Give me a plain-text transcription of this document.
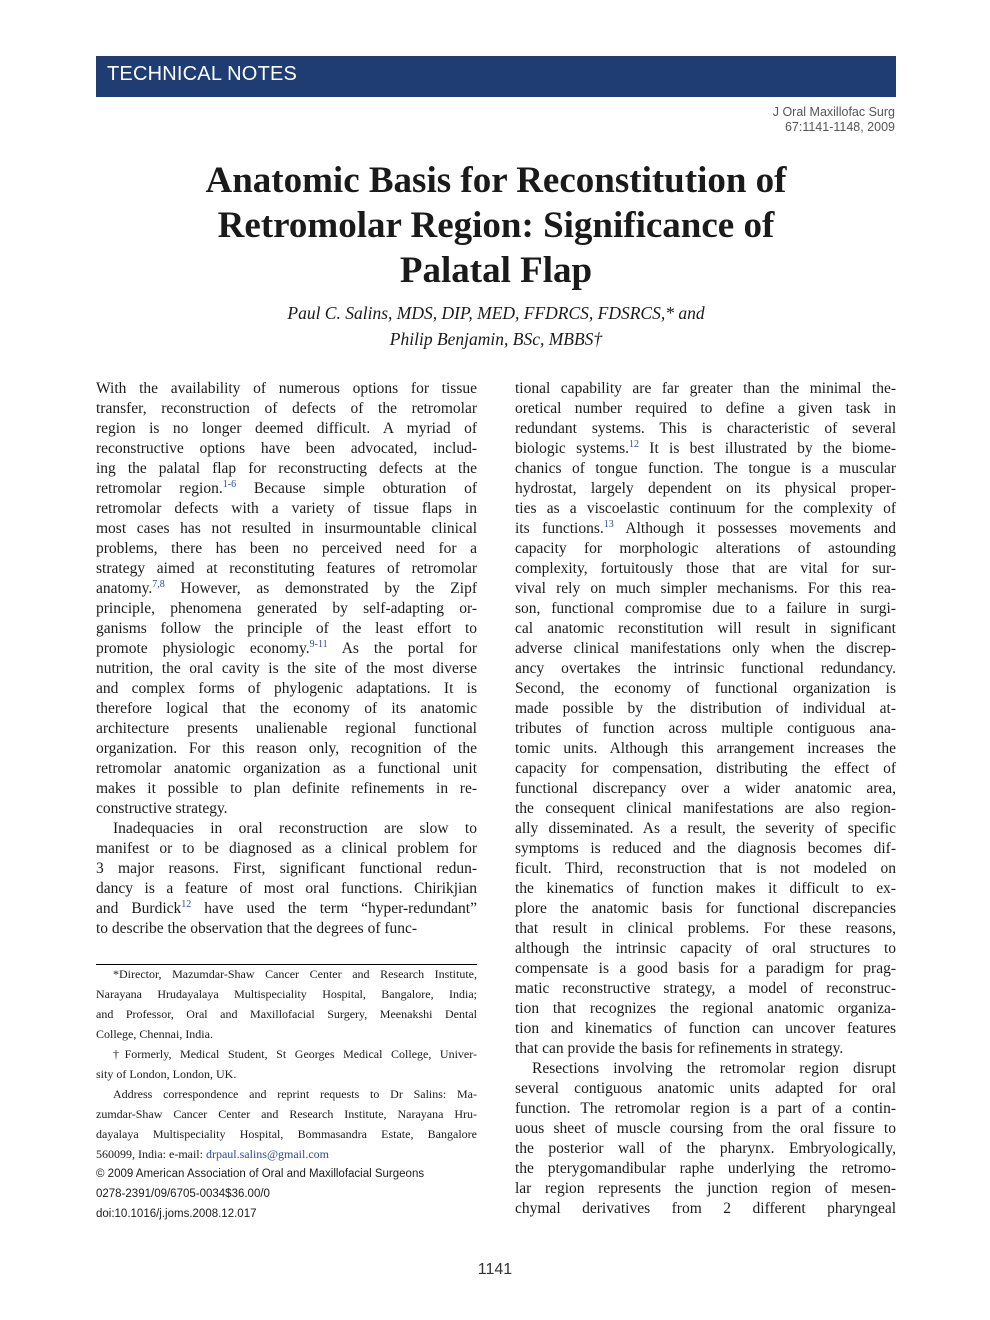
TECHNICAL NOTES
J Oral Maxillofac Surg
67:1141-1148, 2009
Anatomic Basis for Reconstitution of
Retromolar Region: Significance of
Palatal Flap
Paul C. Salins, MDS, DIP, MED, FFDRCS, FDSRCS,* and
Philip Benjamin, BSc, MBBS†
With the availability of numerous options for tissue
transfer, reconstruction of defects of the retromolar
region is no longer deemed difficult. A myriad of
reconstructive options have been advocated, includ-
ing the palatal flap for reconstructing defects at the
retromolar region.$^{1-6}$ Because simple obturation of
retromolar defects with a variety of tissue flaps in
most cases has not resulted in insurmountable clinical
problems, there has been no perceived need for a
strategy aimed at reconstituting features of retromolar
anatomy.$^{7,8}$ However, as demonstrated by the Zipf
principle, phenomena generated by self-adapting or-
ganisms follow the principle of the least effort to
promote physiologic economy.$^{9-11}$ As the portal for
nutrition, the oral cavity is the site of the most diverse
and complex forms of phylogenic adaptations. It is
therefore logical that the economy of its anatomic
architecture presents unalienable regional functional
organization. For this reason only, recognition of the
retromolar anatomic organization as a functional unit
makes it possible to plan definite refinements in re-
constructive strategy.
Inadequacies in oral reconstruction are slow to
manifest or to be diagnosed as a clinical problem for
3 major reasons. First, significant functional redun-
dancy is a feature of most oral functions. Chirikjian
and Burdick$^{12}$ have used the term “hyper-redundant”
to describe the observation that the degrees of func-
tional capability are far greater than the minimal the-
oretical number required to define a given task in
redundant systems. This is characteristic of several
biologic systems.$^{12}$ It is best illustrated by the biome-
chanics of tongue function. The tongue is a muscular
hydrostat, largely dependent on its physical proper-
ties as a viscoelastic continuum for the complexity of
its functions.$^{13}$ Although it possesses movements and
capacity for morphologic alterations of astounding
complexity, fortuitously those that are vital for sur-
vival rely on much simpler mechanisms. For this rea-
son, functional compromise due to a failure in surgi-
cal anatomic reconstitution will result in significant
adverse clinical manifestations only when the discrep-
ancy overtakes the intrinsic functional redundancy.
Second, the economy of functional organization is
made possible by the distribution of individual at-
tributes of function across multiple contiguous ana-
tomic units. Although this arrangement increases the
capacity for compensation, distributing the effect of
functional discrepancy over a wider anatomic area,
the consequent clinical manifestations are also region-
ally disseminated. As a result, the severity of specific
symptoms is reduced and the diagnosis becomes dif-
ficult. Third, reconstruction that is not modeled on
the kinematics of function makes it difficult to ex-
plore the anatomic basis for functional discrepancies
that result in clinical problems. For these reasons,
although the intrinsic capacity of oral structures to
compensate is a good basis for a paradigm for prag-
matic reconstructive strategy, a model of reconstruc-
tion that recognizes the regional anatomic organiza-
tion and kinematics of function can uncover features
that can provide the basis for refinements in strategy.
Resections involving the retromolar region disrupt
several contiguous anatomic units adapted for oral
function. The retromolar region is a part of a contin-
uous sheet of muscle coursing from the oral fissure to
the posterior wall of the pharynx. Embryologically,
the pterygomandibular raphe underlying the retromo-
lar region represents the junction region of mesen-
chymal derivatives from 2 different pharyngeal
*Director, Mazumdar-Shaw Cancer Center and Research Institute,
Narayana Hrudayalaya Multispeciality Hospital, Bangalore, India;
and Professor, Oral and Maxillofacial Surgery, Meenakshi Dental
College, Chennai, India.
†Formerly, Medical Student, St Georges Medical College, Univer-
sity of London, London, UK.
Address correspondence and reprint requests to Dr Salins: Ma-
zumdar-Shaw Cancer Center and Research Institute, Narayana Hru-
dayalaya Multispeciality Hospital, Bommasandra Estate, Bangalore
560099, India: e-mail: drpaul.salins@gmail.com
© 2009 American Association of Oral and Maxillofacial Surgeons
0278-2391/09/6705-0034$36.00/0
doi:10.1016/j.joms.2008.12.017
1141
